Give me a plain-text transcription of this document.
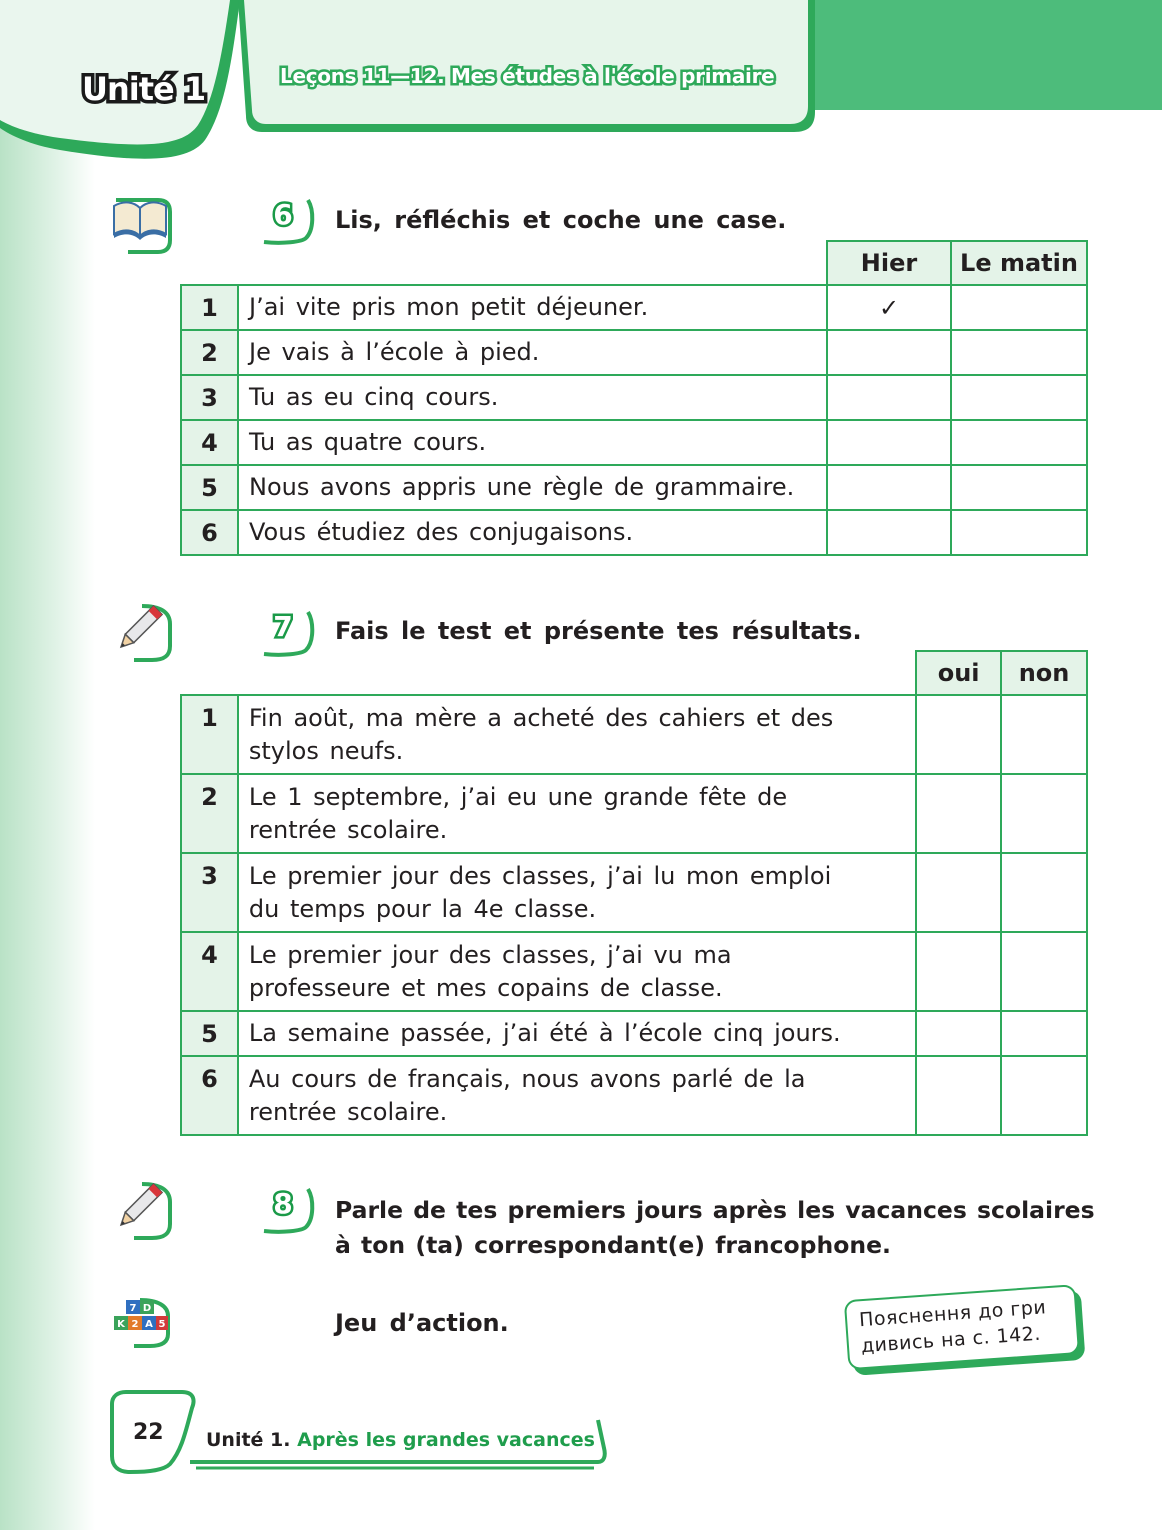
Unité 1	Leçons 11—12. Mes études à l'école primaire
6	Lis, réfléchis et coche une case.
		Hier	Le matin
1	J’ai vite pris mon petit déjeuner.	✓	
2	Je vais à l’école à pied.		
3	Tu as eu cinq cours.		
4	Tu as quatre cours.		
5	Nous avons appris une règle de grammaire.		
6	Vous étudiez des conjugaisons.		
7	Fais le test et présente tes résultats.
		oui	non
1	Fin août, ma mère a acheté des cahiers et des
stylos neufs.		

2	Le 1 septembre, j’ai eu une grande fête de
rentrée scolaire.		

3	Le premier jour des classes, j’ai lu mon emploi
du temps pour la 4e classe.		

4	Le premier jour des classes, j’ai vu ma
professeure et mes copains de classe.		

5	La semaine passée, j’ai été à l’école cinq jours.		

6	Au cours de français, nous avons parlé de la
rentrée scolaire.		

8	Parle de tes premiers jours après les vacances scolaires
à ton (ta) correspondant(e) francophone.
7 D
K 2 A 5	Jeu d’action.	Пояснення до гри
дивись на с. 142.
22 Unité 1. Après les grandes vacances
